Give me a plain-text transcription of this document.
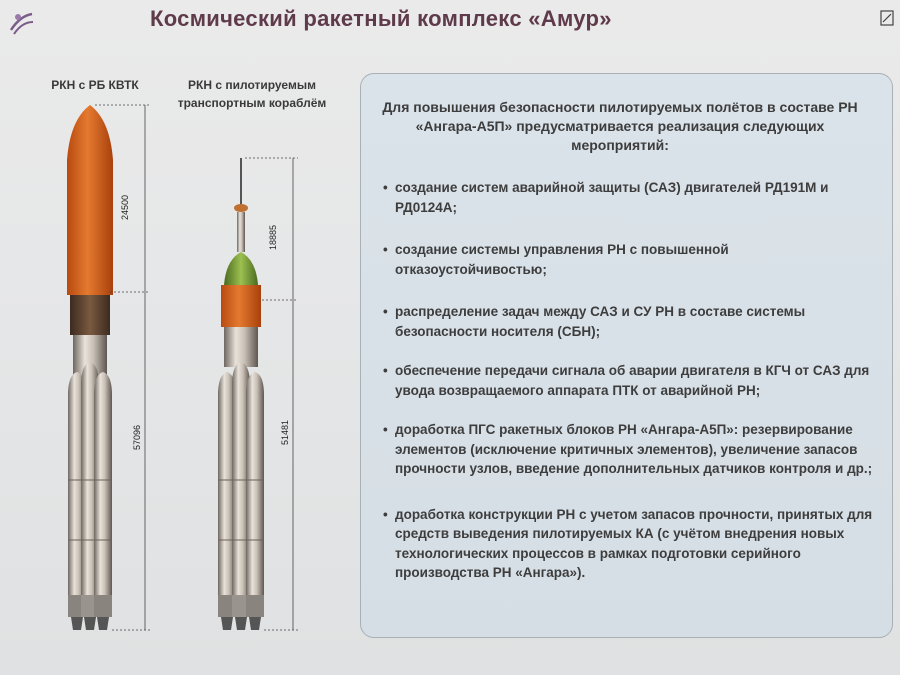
Космический ракетный комплекс «Амур»
РКН с РБ КВТК	РКН с пилотируемым транспортным кораблём
24500
57096
18885
51481
Для повышения безопасности пилотируемых полётов в составе РН «Ангара-А5П» предусматривается реализация следующих мероприятий:
• создание систем аварийной защиты (САЗ) двигателей РД191М и РД0124А;
• создание системы управления РН с повышенной отказоустойчивостью;
• распределение задач между САЗ и СУ РН в составе системы безопасности носителя (СБН);
• обеспечение передачи сигнала об аварии двигателя в КГЧ от САЗ для увода возвращаемого аппарата ПТК от аварийной РН;
• доработка ПГС ракетных блоков РН «Ангара-А5П»: резервирование элементов (исключение критичных элементов), увеличение запасов прочности узлов, введение дополнительных датчиков контроля и др.;
• доработка конструкции РН с учетом запасов прочности, принятых для средств выведения пилотируемых КА (с учётом внедрения новых технологических процессов в рамках подготовки серийного производства РН «Ангара»).
